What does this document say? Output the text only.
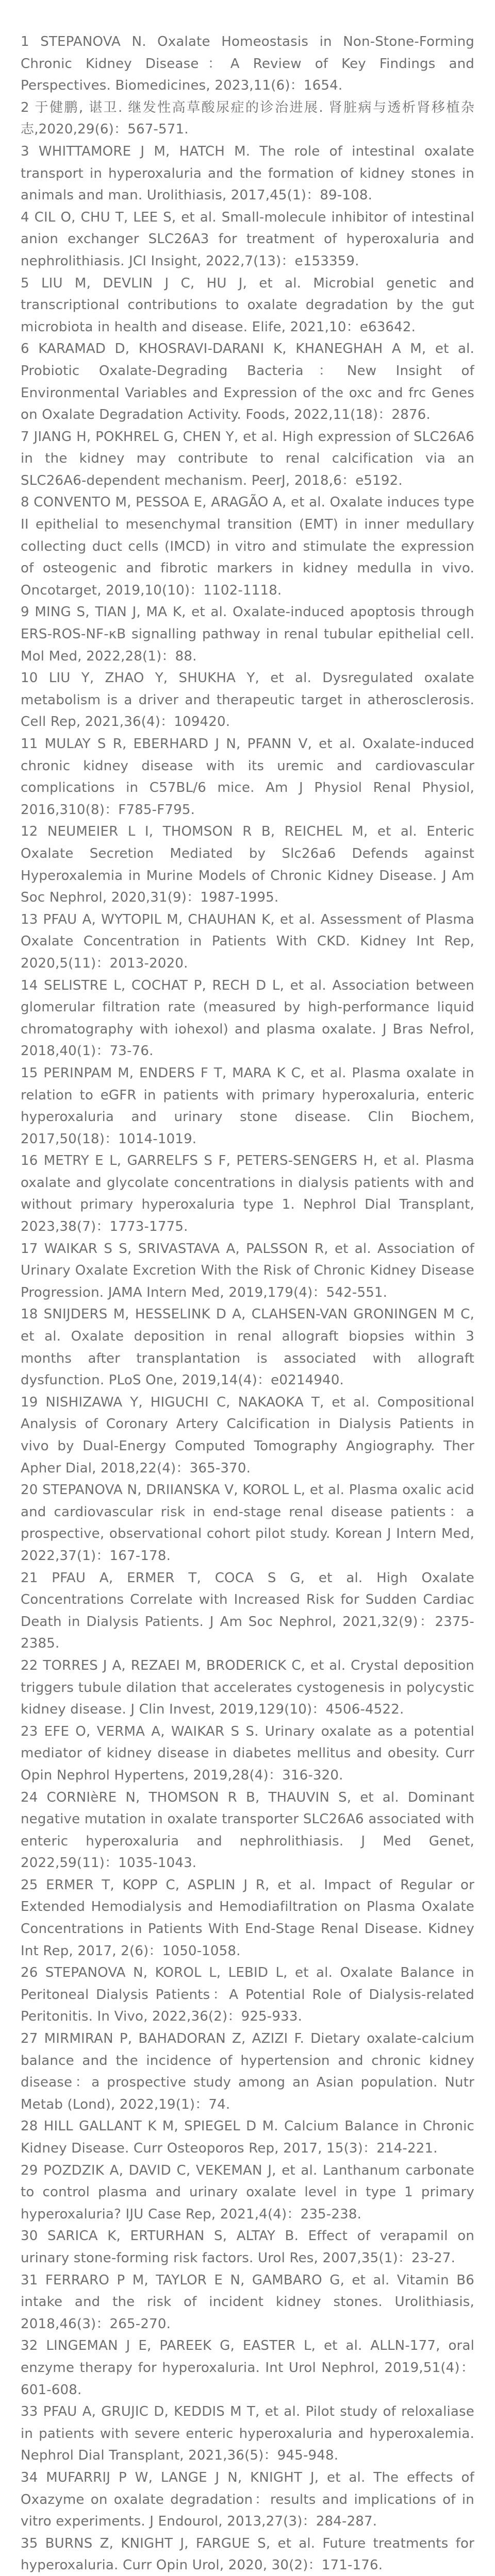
1 STEPANOVA N. Oxalate Homeostasis in Non-Stone-Forming Chronic Kidney Disease：A Review of Key Findings and Perspectives. Biomedicines, 2023,11(6)：1654.
2 于健鹏, 谌卫. 继发性高草酸尿症的诊治进展. 肾脏病与透析肾移植杂志,2020,29(6)：567-571.
3 WHITTAMORE J M, HATCH M. The role of intestinal oxalate transport in hyperoxaluria and the formation of kidney stones in animals and man. Urolithiasis, 2017,45(1)：89-108.
4 CIL O, CHU T, LEE S, et al. Small-molecule inhibitor of intestinal anion exchanger SLC26A3 for treatment of hyperoxaluria and nephrolithiasis. JCI Insight, 2022,7(13)：e153359.
5 LIU M, DEVLIN J C, HU J, et al. Microbial genetic and transcriptional contributions to oxalate degradation by the gut microbiota in health and disease. Elife, 2021,10：e63642.
6 KARAMAD D, KHOSRAVI-DARANI K, KHANEGHAH A M, et al. Probiotic Oxalate-Degrading Bacteria：New Insight of Environmental Variables and Expression of the oxc and frc Genes on Oxalate Degradation Activity. Foods, 2022,11(18)：2876.
7 JIANG H, POKHREL G, CHEN Y, et al. High expression of SLC26A6 in the kidney may contribute to renal calcification via an SLC26A6-dependent mechanism. PeerJ, 2018,6：e5192.
8 CONVENTO M, PESSOA E, ARAGÃO A, et al. Oxalate induces type II epithelial to mesenchymal transition (EMT) in inner medullary collecting duct cells (IMCD) in vitro and stimulate the expression of osteogenic and fibrotic markers in kidney medulla in vivo. Oncotarget, 2019,10(10)：1102-1118.
9 MING S, TIAN J, MA K, et al. Oxalate-induced apoptosis through ERS-ROS-NF-κB signalling pathway in renal tubular epithelial cell. Mol Med, 2022,28(1)：88.
10 LIU Y, ZHAO Y, SHUKHA Y, et al. Dysregulated oxalate metabolism is a driver and therapeutic target in atherosclerosis. Cell Rep, 2021,36(4)：109420.
11 MULAY S R, EBERHARD J N, PFANN V, et al. Oxalate-induced chronic kidney disease with its uremic and cardiovascular complications in C57BL/6 mice. Am J Physiol Renal Physiol, 2016,310(8)：F785-F795.
12 NEUMEIER L I, THOMSON R B, REICHEL M, et al. Enteric Oxalate Secretion Mediated by Slc26a6 Defends against Hyperoxalemia in Murine Models of Chronic Kidney Disease. J Am Soc Nephrol, 2020,31(9)：1987-1995.
13 PFAU A, WYTOPIL M, CHAUHAN K, et al. Assessment of Plasma Oxalate Concentration in Patients With CKD. Kidney Int Rep, 2020,5(11)：2013-2020.
14 SELISTRE L, COCHAT P, RECH D L, et al. Association between glomerular filtration rate (measured by high-performance liquid chromatography with iohexol) and plasma oxalate. J Bras Nefrol, 2018,40(1)：73-76.
15 PERINPAM M, ENDERS F T, MARA K C, et al. Plasma oxalate in relation to eGFR in patients with primary hyperoxaluria, enteric hyperoxaluria and urinary stone disease. Clin Biochem, 2017,50(18)：1014-1019.
16 METRY E L, GARRELFS S F, PETERS-SENGERS H, et al. Plasma oxalate and glycolate concentrations in dialysis patients with and without primary hyperoxaluria type 1. Nephrol Dial Transplant, 2023,38(7)：1773-1775.
17 WAIKAR S S, SRIVASTAVA A, PALSSON R, et al. Association of Urinary Oxalate Excretion With the Risk of Chronic Kidney Disease Progression. JAMA Intern Med, 2019,179(4)：542-551.
18 SNIJDERS M, HESSELINK D A, CLAHSEN-VAN GRONINGEN M C, et al. Oxalate deposition in renal allograft biopsies within 3 months after transplantation is associated with allograft dysfunction. PLoS One, 2019,14(4)：e0214940.
19 NISHIZAWA Y, HIGUCHI C, NAKAOKA T, et al. Compositional Analysis of Coronary Artery Calcification in Dialysis Patients in vivo by Dual-Energy Computed Tomography Angiography. Ther Apher Dial, 2018,22(4)：365-370.
20 STEPANOVA N, DRIIANSKA V, KOROL L, et al. Plasma oxalic acid and cardiovascular risk in end-stage renal disease patients：a prospective, observational cohort pilot study. Korean J Intern Med, 2022,37(1)：167-178.
21 PFAU A, ERMER T, COCA S G, et al. High Oxalate Concentrations Correlate with Increased Risk for Sudden Cardiac Death in Dialysis Patients. J Am Soc Nephrol, 2021,32(9)：2375-2385.
22 TORRES J A, REZAEI M, BRODERICK C, et al. Crystal deposition triggers tubule dilation that accelerates cystogenesis in polycystic kidney disease. J Clin Invest, 2019,129(10)：4506-4522.
23 EFE O, VERMA A, WAIKAR S S. Urinary oxalate as a potential mediator of kidney disease in diabetes mellitus and obesity. Curr Opin Nephrol Hypertens, 2019,28(4)：316-320.
24 CORNIèRE N, THOMSON R B, THAUVIN S, et al. Dominant negative mutation in oxalate transporter SLC26A6 associated with enteric hyperoxaluria and nephrolithiasis. J Med Genet, 2022,59(11)：1035-1043.
25 ERMER T, KOPP C, ASPLIN J R, et al. Impact of Regular or Extended Hemodialysis and Hemodiafiltration on Plasma Oxalate Concentrations in Patients With End-Stage Renal Disease. Kidney Int Rep, 2017, 2(6)：1050-1058.
26 STEPANOVA N, KOROL L, LEBID L, et al. Oxalate Balance in Peritoneal Dialysis Patients：A Potential Role of Dialysis-related Peritonitis. In Vivo, 2022,36(2)：925-933.
27 MIRMIRAN P, BAHADORAN Z, AZIZI F. Dietary oxalate-calcium balance and the incidence of hypertension and chronic kidney disease：a prospective study among an Asian population. Nutr Metab (Lond), 2022,19(1)：74.
28 HILL GALLANT K M, SPIEGEL D M. Calcium Balance in Chronic Kidney Disease. Curr Osteoporos Rep, 2017, 15(3)：214-221.
29 POZDZIK A, DAVID C, VEKEMAN J, et al. Lanthanum carbonate to control plasma and urinary oxalate level in type 1 primary hyperoxaluria? IJU Case Rep, 2021,4(4)：235-238.
30 SARICA K, ERTURHAN S, ALTAY B. Effect of verapamil on urinary stone-forming risk factors. Urol Res, 2007,35(1)：23-27.
31 FERRARO P M, TAYLOR E N, GAMBARO G, et al. Vitamin B6 intake and the risk of incident kidney stones. Urolithiasis, 2018,46(3)：265-270.
32 LINGEMAN J E, PAREEK G, EASTER L, et al. ALLN-177, oral enzyme therapy for hyperoxaluria. Int Urol Nephrol, 2019,51(4)：601-608.
33 PFAU A, GRUJIC D, KEDDIS M T, et al. Pilot study of reloxaliase in patients with severe enteric hyperoxaluria and hyperoxalemia. Nephrol Dial Transplant, 2021,36(5)：945-948.
34 MUFARRIJ P W, LANGE J N, KNIGHT J, et al. The effects of Oxazyme on oxalate degradation：results and implications of in vitro experiments. J Endourol, 2013,27(3)：284-287.
35 BURNS Z, KNIGHT J, FARGUE S, et al. Future treatments for hyperoxaluria. Curr Opin Urol, 2020, 30(2)：171-176.
